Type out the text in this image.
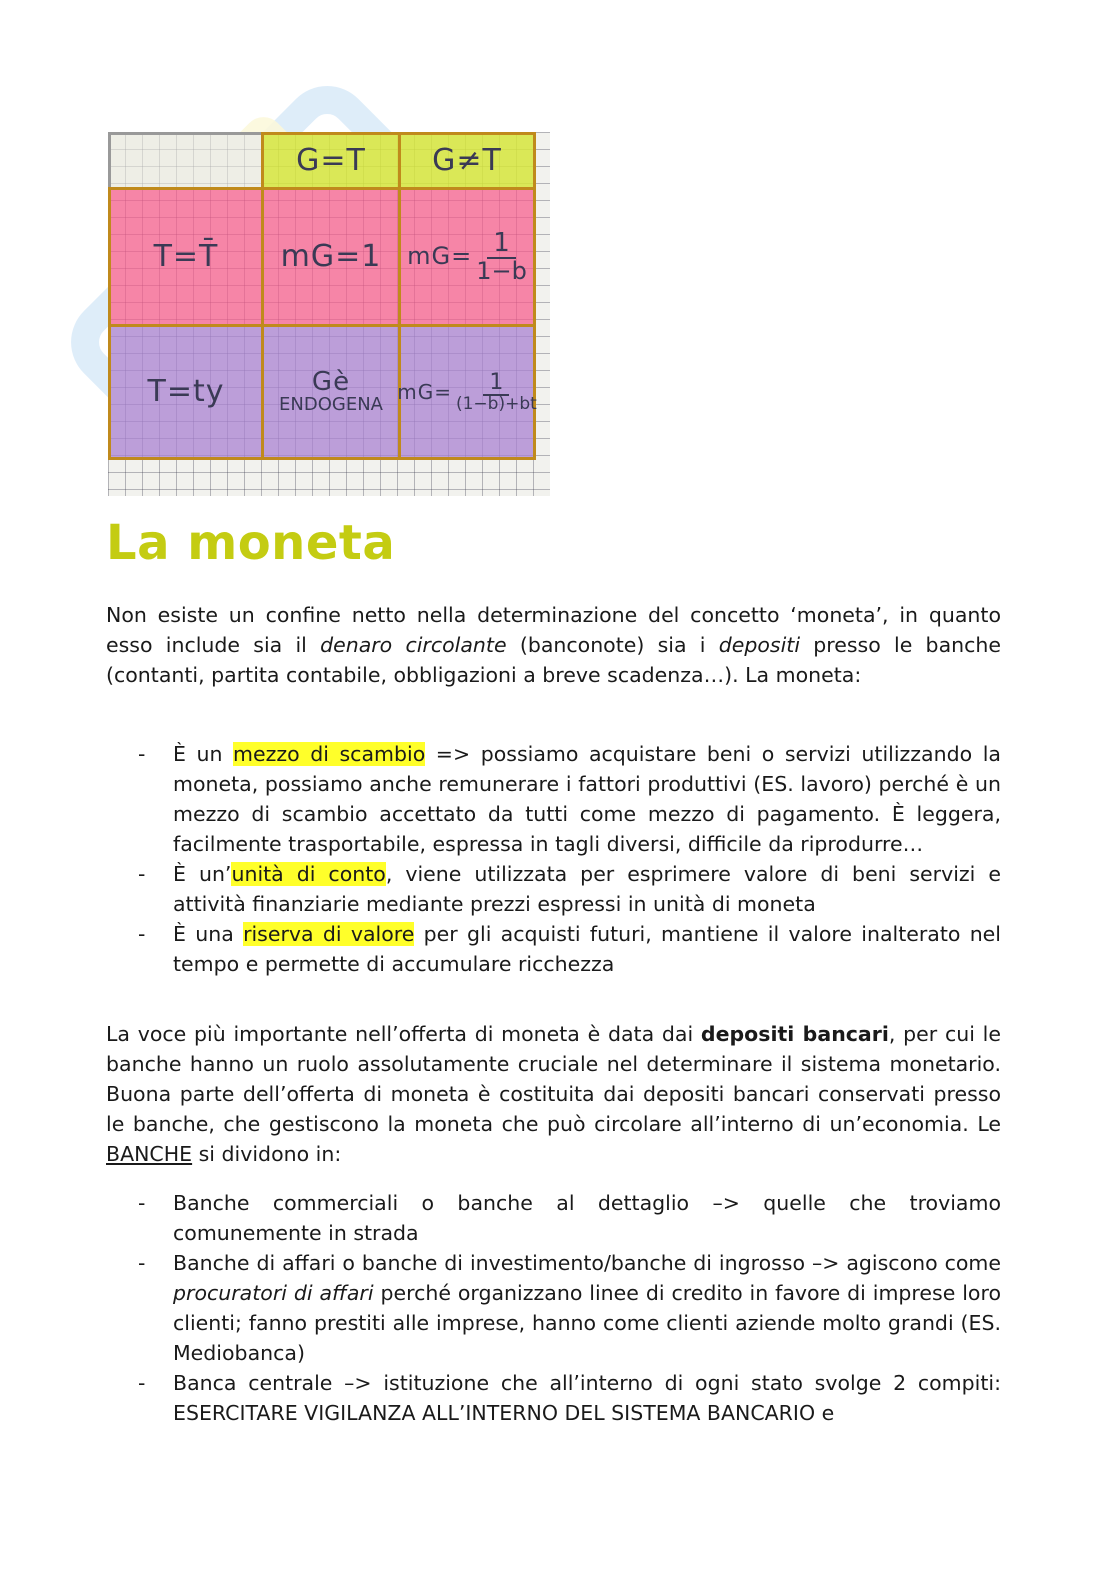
G=T G≠T
T=T̄ mG=1 $mG= \frac{1}{1-b}$
T=ty	Gè
ENDOGENA
$mG= \frac{1}{(1-b)+bt}$
La moneta

Non esiste un confine netto nella determinazione del concetto ‘moneta’, in quanto esso include sia il denaro circolante (banconote) sia i depositi presso le banche (contanti, partita contabile, obbligazioni a breve scadenza…). La moneta:

- È un mezzo di scambio => possiamo acquistare beni o servizi utilizzando la moneta, possiamo anche remunerare i fattori produttivi (ES. lavoro) perché è un mezzo di scambio accettato da tutti come mezzo di pagamento. È leggera, facilmente trasportabile, espressa in tagli diversi, difficile da riprodurre…
- È un’unità di conto, viene utilizzata per esprimere valore di beni servizi e attività finanziarie mediante prezzi espressi in unità di moneta
- È una riserva di valore per gli acquisti futuri, mantiene il valore inalterato nel tempo e permette di accumulare ricchezza

La voce più importante nell’offerta di moneta è data dai depositi bancari, per cui le banche hanno un ruolo assolutamente cruciale nel determinare il sistema monetario. Buona parte dell’offerta di moneta è costituita dai depositi bancari conservati presso le banche, che gestiscono la moneta che può circolare all’interno di un’economia. Le BANCHE si dividono in:

- Banche commerciali o banche al dettaglio –> quelle che troviamo comunemente in strada
- Banche di affari o banche di investimento/banche di ingrosso –> agiscono come procuratori di affari perché organizzano linee di credito in favore di imprese loro clienti; fanno prestiti alle imprese, hanno come clienti aziende molto grandi (ES. Mediobanca)
- Banca centrale –> istituzione che all’interno di ogni stato svolge 2 compiti: ESERCITARE VIGILANZA ALL’INTERNO DEL SISTEMA BANCARIO e
